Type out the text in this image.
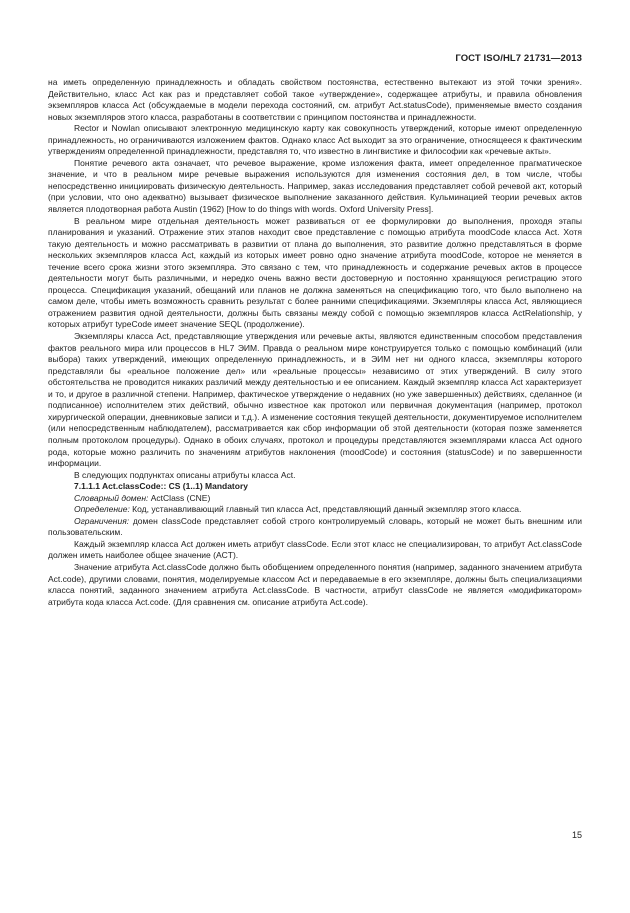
ГОСТ ISO/HL7 21731—2013

на иметь определенную принадлежность и обладать свойством постоянства, естественно вытекают из этой точки зрения». Действительно, класс Act как раз и представляет собой такое «утверждение», содержащее атрибуты, и правила обновления экземпляров класса Act (обсуждаемые в модели перехода состояний, см. атрибут Act.statusCode), применяемые вместо создания новых экземпляров этого класса, разработаны в соответствии с принципом постоянства и принадлежности.

Rector и Nowlan описывают электронную медицинскую карту как совокупность утверждений, которые имеют определенную принадлежность, но ограничиваются изложением фактов. Однако класс Act выходит за это ограничение, относящееся к фактическим утверждениям определенной принадлежности, представляя то, что известно в лингвистике и философии как «речевые акты».

Понятие речевого акта означает, что речевое выражение, кроме изложения факта, имеет определенное прагматическое значение, и что в реальном мире речевые выражения используются для изменения состояния дел, в том числе, чтобы непосредственно инициировать физическую деятельность. Например, заказ исследования представляет собой речевой акт, который (при условии, что оно адекватно) вызывает физическое выполнение заказанного действия. Кульминацией теории речевых актов является плодотворная работа Austin (1962) [How to do things with words. Oxford University Press].

В реальном мире отдельная деятельность может развиваться от ее формулировки до выполнения, проходя этапы планирования и указаний. Отражение этих этапов находит свое представление с помощью атрибута moodCode класса Act. Хотя такую деятельность и можно рассматривать в развитии от плана до выполнения, это развитие должно представляться в форме нескольких экземпляров класса Act, каждый из которых имеет ровно одно значение атрибута moodCode, которое не меняется в течение всего срока жизни этого экземпляра. Это связано с тем, что принадлежность и содержание речевых актов в процессе деятельности могут быть различными, и нередко очень важно вести достоверную и постоянно хранящуюся регистрацию этого процесса. Спецификация указаний, обещаний или планов не должна заменяться на спецификацию того, что было выполнено на самом деле, чтобы иметь возможность сравнить результат с более ранними спецификациями. Экземпляры класса Act, являющиеся отражением развития одной деятельности, должны быть связаны между собой с помощью экземпляров класса ActRelationship, у которых атрибут typeCode имеет значение SEQL (продолжение).

Экземпляры класса Act, представляющие утверждения или речевые акты, являются единственным способом представления фактов реального мира или процессов в HL7 ЭИМ. Правда о реальном мире конструируется только с помощью комбинаций (или выбора) таких утверждений, имеющих определенную принадлежность, и в ЭИМ нет ни одного класса, экземпляры которого представляли бы «реальное положение дел» или «реальные процессы» независимо от этих утверждений. В силу этого обстоятельства не проводится никаких различий между деятельностью и ее описанием. Каждый экземпляр класса Act характеризует и то, и другое в различной степени. Например, фактическое утверждение о недавних (но уже завершенных) действиях, сделанное (и подписанное) исполнителем этих действий, обычно известное как протокол или первичная документация (например, протокол хирургической операции, дневниковые записи и т.д.). А изменение состояния текущей деятельности, документируемое исполнителем (или непосредственным наблюдателем), рассматривается как сбор информации об этой деятельности (которая позже заменяется полным протоколом процедуры). Однако в обоих случаях, протокол и процедуры представляются экземплярами класса Act одного рода, которые можно различить по значениям атрибутов наклонения (moodCode) и состояния (statusCode) и по завершенности информации.

В следующих подпунктах описаны атрибуты класса Act.

7.1.1.1 Act.classCode:: CS (1..1) Mandatory

Словарный домен: ActClass (CNE)

Определение: Код, устанавливающий главный тип класса Act, представляющий данный экземпляр этого класса.

Ограничения: домен classCode представляет собой строго контролируемый словарь, который не может быть внешним или пользовательским.

Каждый экземпляр класса Act должен иметь атрибут classCode. Если этот класс не специализирован, то атрибут Act.classCode должен иметь наиболее общее значение (ACT).

Значение атрибута Act.classCode должно быть обобщением определенного понятия (например, заданного значением атрибута Act.code), другими словами, понятия, моделируемые классом Act и передаваемые в его экземпляре, должны быть специализациями класса понятий, заданного значением атрибута Act.classCode. В частности, атрибут classCode не является «модификатором» атрибута кода класса Act.code. (Для сравнения см. описание атрибута Act.code).

15
